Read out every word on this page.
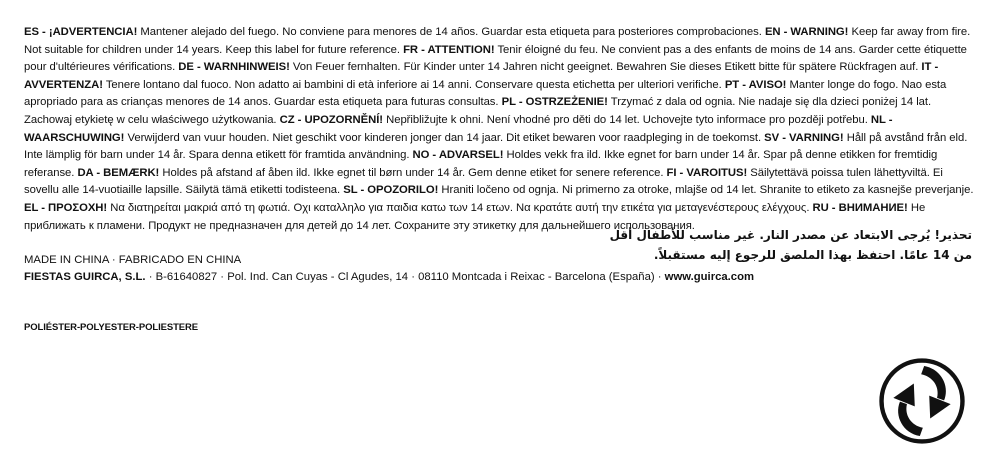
ES - ¡ADVERTENCIA! Mantener alejado del fuego. No conviene para menores de 14 años. Guardar esta etiqueta para posteriores comprobaciones. EN - WARNING! Keep far away from fire. Not suitable for children under 14 years. Keep this label for future reference. FR - ATTENTION! Tenir éloigné du feu. Ne convient pas a des enfants de moins de 14 ans. Garder cette étiquette pour d'ultérieures vérifications. DE - WARNHINWEIS! Von Feuer fernhalten. Für Kinder unter 14 Jahren nicht geeignet. Bewahren Sie dieses Etikett bitte für spätere Rückfragen auf. IT - AVVERTENZA! Tenere lontano dal fuoco. Non adatto ai bambini di età inferiore ai 14 anni. Conservare questa etichetta per ulteriori verifiche. PT - AVISO! Manter longe do fogo. Nao esta apropriado para as crianças menores de 14 anos. Guardar esta etiqueta para futuras consultas. PL - OSTRZEŻENIE! Trzymać z dala od ognia. Nie nadaje się dla dzieci poniżej 14 lat. Zachowaj etykietę w celu właściwego użytkowania. CZ - UPOZORNĚNÍ! Nepřibližujte k ohni. Není vhodné pro děti do 14 let. Uchovejte tyto informace pro později potřebu. NL - WAARSCHUWING! Verwijderd van vuur houden. Niet geschikt voor kinderen jonger dan 14 jaar. Dit etiket bewaren voor raadpleging in de toekomst. SV - VARNING! Håll på avstånd från eld. Inte lämplig för barn under 14 år. Spara denna etikett för framtida användning. NO - ADVARSEL! Holdes vekk fra ild. Ikke egnet for barn under 14 år. Spar på denne etikken for fremtidig referanse. DA - BEMÆRK! Holdes på afstand af åben ild. Ikke egnet til børn under 14 år. Gem denne etiket for senere reference. FI - VAROITUS! Säilytettävä poissa tulen lähettyviltä. Ei sovellu alle 14-vuotiaille lapsille. Säilytä tämä etiketti todisteena. SL - OPOZORILO! Hraniti ločeno od ognja. Ni primerno za otroke, mlajše od 14 let. Shranite to etiketo za kasnejše preverjanje. EL - ΠΡΟΣΟΧΗ! Να διατηρείται μακριά από τη φωτιά. Οχι καταλληλο για παιδια κατω των 14 ετων. Να κρατάτε αυτή την ετικέτα για μεταγενέστερους ελέγχους. RU - ВНИМАНИЕ! Не приближать к пламени. Продукт не предназначен для детей до 14 лет. Сохраните эту этикетку для дальнейшего использования.

تحذير! يُرجى الابتعاد عن مصدر النار. غير مناسب للأطفال أقل
من 14 عامًا. احتفظ بهذا الملصق للرجوع إليه مستقبلاً.
MADE IN CHINA · FABRICADO EN CHINA
FIESTAS GUIRCA, S.L. · B-61640827 · Pol. Ind. Can Cuyas - Cl Agudes, 14 · 08110 Montcada i Reixac - Barcelona (España) · www.guirca.com
POLIÉSTER-POLYESTER-POLIESTERE
